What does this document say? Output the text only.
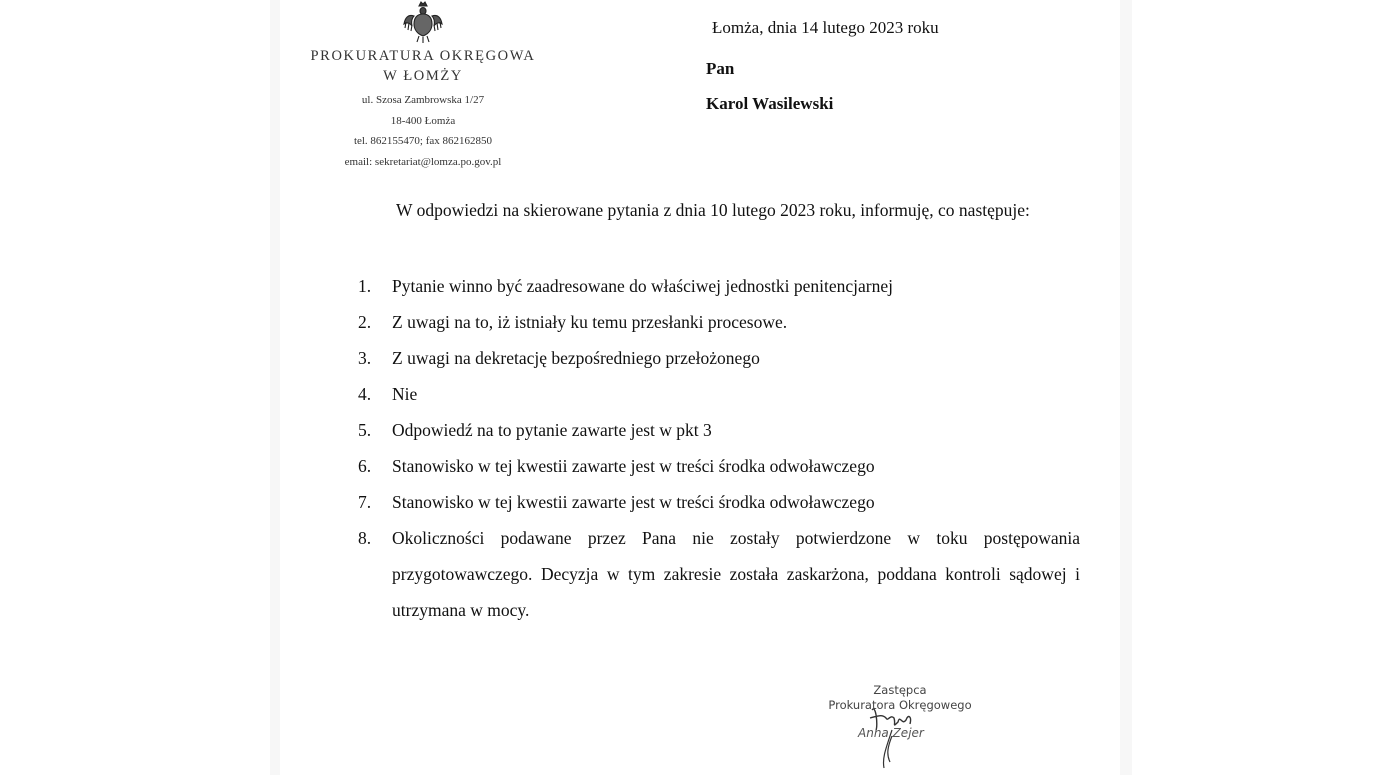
PROKURATURA OKRĘGOWA
W ŁOMŻY
ul. Szosa Zambrowska 1/27
18-400 Łomża
tel. 862155470; fax 862162850
email: sekretariat@lomza.po.gov.pl
Łomża, dnia 14 lutego 2023 roku
Pan
Karol Wasilewski
W odpowiedzi na skierowane pytania z dnia 10 lutego 2023 roku, informuję, co następuje:
1.	Pytanie winno być zaadresowane do właściwej jednostki penitencjarnej
2.	Z uwagi na to, iż istniały ku temu przesłanki procesowe.
3.	Z uwagi na dekretację bezpośredniego przełożonego
4.	Nie
5.	Odpowiedź na to pytanie zawarte jest w pkt 3
6.	Stanowisko w tej kwestii zawarte jest w treści środka odwoławczego
7.	Stanowisko w tej kwestii zawarte jest w treści środka odwoławczego
8.	Okoliczności podawane przez Pana nie zostały potwierdzone w toku postępowania przygotowawczego. Decyzja w tym zakresie została zaskarżona, poddana kontroli sądowej i utrzymana w mocy.
Zastępca
Prokuratora Okręgowego
Anna Zejer
